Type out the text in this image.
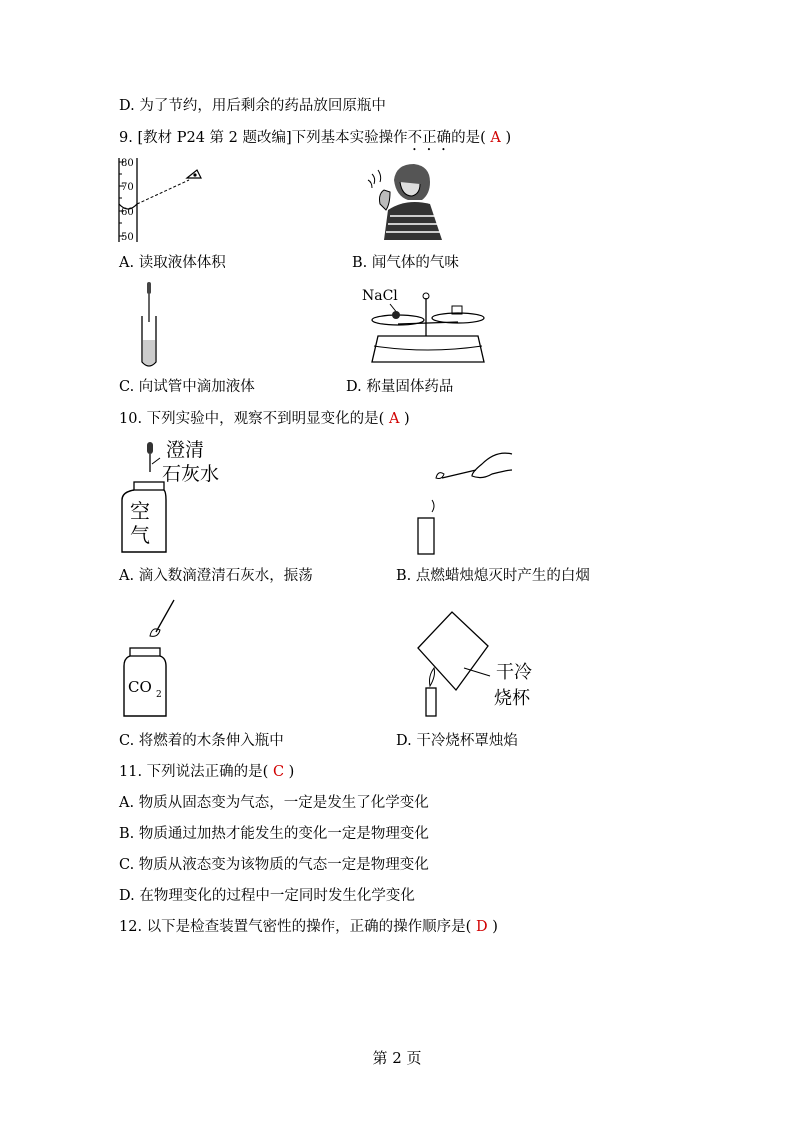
D. 为了节约，用后剩余的药品放回原瓶中
9. [教材 P24 第 2 题改编]下列基本实验操作不正确的是( A )
80
70
60
50
A. 读取液体体积	B. 闻气体的气味
C. 向试管中滴加液体
NaCl
D. 称量固体药品
10. 下列实验中，观察不到明显变化的是( A )
澄清
石灰水
空
气
A. 滴入数滴澄清石灰水，振荡	B. 点燃蜡烛熄灭时产生的白烟
CO 2
C. 将燃着的木条伸入瓶中
干冷
烧杯
D. 干冷烧杯罩烛焰
11. 下列说法正确的是( C )
A. 物质从固态变为气态，一定是发生了化学变化
B. 物质通过加热才能发生的变化一定是物理变化
C. 物质从液态变为该物质的气态一定是物理变化
D. 在物理变化的过程中一定同时发生化学变化
12. 以下是检查装置气密性的操作，正确的操作顺序是( D )
第 2 页
